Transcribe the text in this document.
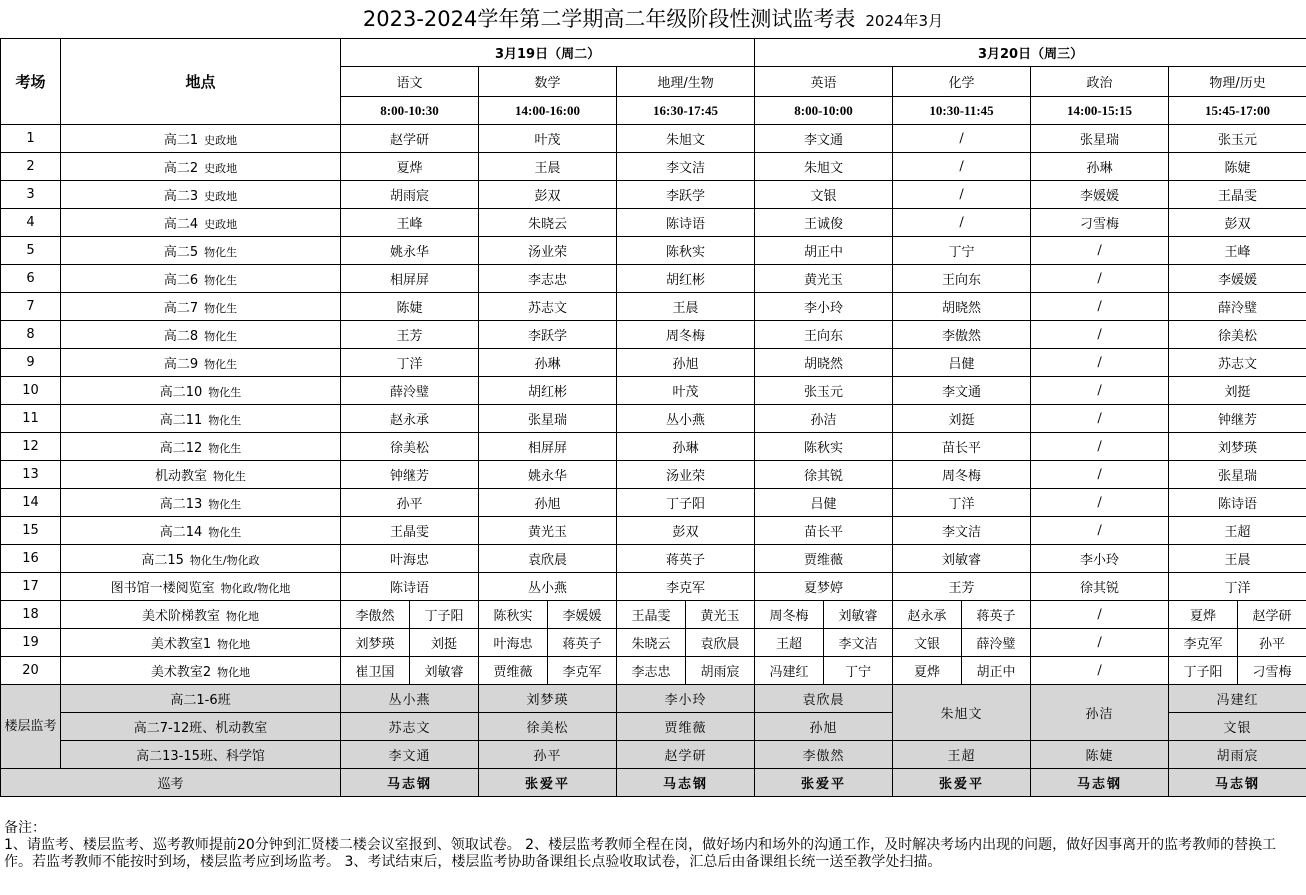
2023-2024学年第二学期高二年级阶段性测试监考表 2024年3月
考场	地点	3月19日（周二）						3月20日（周三）						
		语文		数学		地理/生物		英语		化学		政治	物理/历史	
		8:00-10:30		14:00-16:00		16:30-17:45		8:00-10:00		10:30-11:45		14:00-15:15	15:45-17:00	
1	高二1 史政地	赵学研		叶茂		朱旭文		李文通		/		张星瑞	张玉元	
2	高二2 史政地	夏烨		王晨		李文洁		朱旭文		/		孙琳	陈婕	
3	高二3 史政地	胡雨宸		彭双		李跃学		文银		/		李媛媛	王晶雯	
4	高二4 史政地	王峰		朱晓云		陈诗语		王诚俊		/		刁雪梅	彭双	
5	高二5 物化生	姚永华		汤业荣		陈秋实		胡正中		丁宁		/	王峰	
6	高二6 物化生	相屏屏		李志忠		胡红彬		黄光玉		王向东		/	李媛媛	
7	高二7 物化生	陈婕		苏志文		王晨		李小玲		胡晓然		/	薛泠璧	
8	高二8 物化生	王芳		李跃学		周冬梅		王向东		李傲然		/	徐美松	
9	高二9 物化生	丁洋		孙琳		孙旭		胡晓然		吕健		/	苏志文	
10	高二10 物化生	薛泠璧		胡红彬		叶茂		张玉元		李文通		/	刘挺	
11	高二11 物化生	赵永承		张星瑞		丛小燕		孙洁		刘挺		/	钟继芳	
12	高二12 物化生	徐美松		相屏屏		孙琳		陈秋实		苗长平		/	刘梦瑛	
13	机动教室 物化生	钟继芳		姚永华		汤业荣		徐其锐		周冬梅		/	张星瑞	
14	高二13 物化生	孙平		孙旭		丁子阳		吕健		丁洋		/	陈诗语	
15	高二14 物化生	王晶雯		黄光玉		彭双		苗长平		李文洁		/	王超	
16	高二15 物化生/物化政	叶海忠		袁欣晨		蒋英子		贾维薇		刘敏睿		李小玲	王晨	
17	图书馆一楼阅览室 物化政/物化地	陈诗语		丛小燕		李克军		夏梦婷		王芳		徐其锐	丁洋	
18	美术阶梯教室 物化地	李傲然	丁子阳	陈秋实	李媛媛	王晶雯	黄光玉	周冬梅	刘敏睿	赵永承	蒋英子	/	夏烨	赵学研
19	美术教室1 物化地	刘梦瑛	刘挺	叶海忠	蒋英子	朱晓云	袁欣晨	王超	李文洁	文银	薛泠璧	/	李克军	孙平
20	美术教室2 物化地	崔卫国	刘敏睿	贾维薇	李克军	李志忠	胡雨宸	冯建红	丁宁	夏烨	胡正中	/	丁子阳	刁雪梅
楼层监考	高二1-6班	丛小燕		刘梦瑛		李小玲		袁欣晨		朱旭文		孙洁	冯建红	
	高二7-12班、机动教室	苏志文		徐美松		贾维薇		孙旭					文银	
	高二13-15班、科学馆	李文通		孙平		赵学研		李傲然		王超		陈婕	胡雨宸	
巡考		马志钢		张爱平		马志钢		张爱平		张爱平		马志钢	马志钢	
备注：
1、请监考、楼层监考、巡考教师提前20分钟到汇贤楼二楼会议室报到、领取试卷。 2、楼层监考教师全程在岗，做好场内和场外的沟通工作，及时解决考场内出现的问题，做好因事离开的监考教师的替换工作。若监考教师不能按时到场，楼层监考应到场监考。 3、考试结束后，楼层监考协助备课组长点验收取试卷，汇总后由备课组长统一送至教学处扫描。
